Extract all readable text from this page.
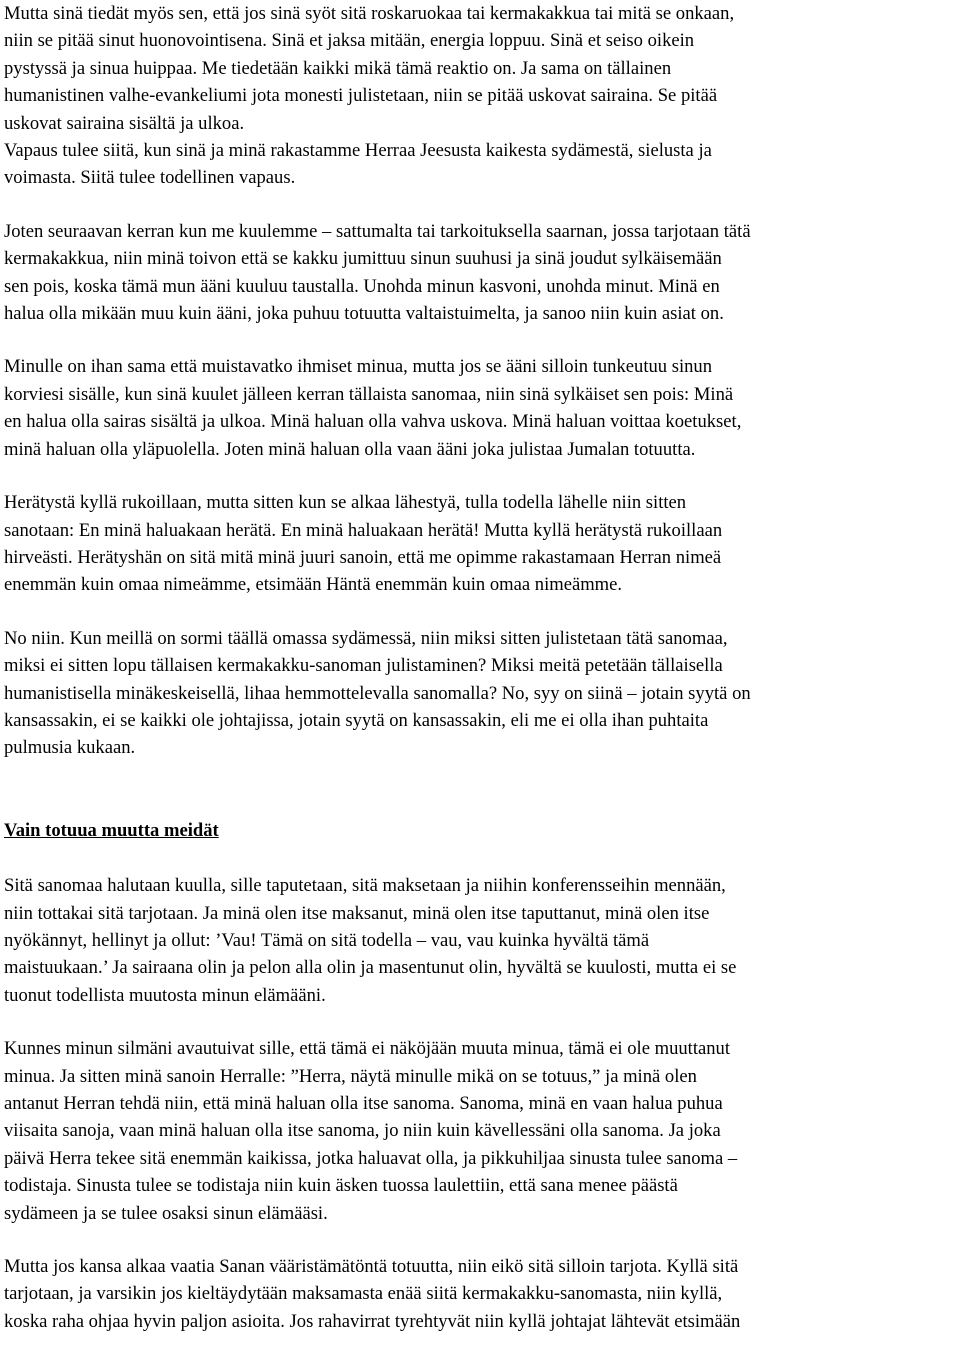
Mutta sinä tiedät myös sen, että jos sinä syöt sitä roskaruokaa tai kermakakkua tai mitä se onkaan,
niin se pitää sinut huonovointisena. Sinä et jaksa mitään, energia loppuu. Sinä et seiso oikein
pystyssä ja sinua huippaa. Me tiedetään kaikki mikä tämä reaktio on. Ja sama on tällainen
humanistinen valhe-evankeliumi jota monesti julistetaan, niin se pitää uskovat sairaina. Se pitää
uskovat sairaina sisältä ja ulkoa.
Vapaus tulee siitä, kun sinä ja minä rakastamme Herraa Jeesusta kaikesta sydämestä, sielusta ja
voimasta. Siitä tulee todellinen vapaus.
Joten seuraavan kerran kun me kuulemme – sattumalta tai tarkoituksella saarnan, jossa tarjotaan tätä
kermakakkua, niin minä toivon että se kakku jumittuu sinun suuhusi ja sinä joudut sylkäisemään
sen pois, koska tämä mun ääni kuuluu taustalla. Unohda minun kasvoni, unohda minut. Minä en
halua olla mikään muu kuin ääni, joka puhuu totuutta valtaistuimelta, ja sanoo niin kuin asiat on.
Minulle on ihan sama että muistavatko ihmiset minua, mutta jos se ääni silloin tunkeutuu sinun
korviesi sisälle, kun sinä kuulet jälleen kerran tällaista sanomaa, niin sinä sylkäiset sen pois: Minä
en halua olla sairas sisältä ja ulkoa. Minä haluan olla vahva uskova. Minä haluan voittaa koetukset,
minä haluan olla yläpuolella. Joten minä haluan olla vaan ääni joka julistaa Jumalan totuutta.
Herätystä kyllä rukoillaan, mutta sitten kun se alkaa lähestyä, tulla todella lähelle niin sitten
sanotaan: En minä haluakaan herätä. En minä haluakaan herätä! Mutta kyllä herätystä rukoillaan
hirveästi. Herätyshän on sitä mitä minä juuri sanoin, että me opimme rakastamaan Herran nimeä
enemmän kuin omaa nimeämme, etsimään Häntä enemmän kuin omaa nimeämme.
No niin. Kun meillä on sormi täällä omassa sydämessä, niin miksi sitten julistetaan tätä sanomaa,
miksi ei sitten lopu tällaisen kermakakku-sanoman julistaminen? Miksi meitä petetään tällaisella
humanistisella minäkeskeisellä, lihaa hemmottelevalla sanomalla? No, syy on siinä – jotain syytä on
kansassakin, ei se kaikki ole johtajissa, jotain syytä on kansassakin, eli me ei olla ihan puhtaita
pulmusia kukaan.
Vain totuua muutta meidät
Sitä sanomaa halutaan kuulla, sille taputetaan, sitä maksetaan ja niihin konferensseihin mennään,
niin tottakai sitä tarjotaan. Ja minä olen itse maksanut, minä olen itse taputtanut, minä olen itse
nyökännyt, hellinyt ja ollut: ’Vau! Tämä on sitä todella – vau, vau kuinka hyvältä tämä
maistuukaan.’ Ja sairaana olin ja pelon alla olin ja masentunut olin, hyvältä se kuulosti, mutta ei se
tuonut todellista muutosta minun elämääni.
Kunnes minun silmäni avautuivat sille, että tämä ei näköjään muuta minua, tämä ei ole muuttanut
minua. Ja sitten minä sanoin Herralle: ”Herra, näytä minulle mikä on se totuus,” ja minä olen
antanut Herran tehdä niin, että minä haluan olla itse sanoma. Sanoma, minä en vaan halua puhua
viisaita sanoja, vaan minä haluan olla itse sanoma, jo niin kuin kävellessäni olla sanoma. Ja joka
päivä Herra tekee sitä enemmän kaikissa, jotka haluavat olla, ja pikkuhiljaa sinusta tulee sanoma –
todistaja. Sinusta tulee se todistaja niin kuin äsken tuossa laulettiin, että sana menee päästä
sydämeen ja se tulee osaksi sinun elämääsi.
Mutta jos kansa alkaa vaatia Sanan vääristämätöntä totuutta, niin eikö sitä silloin tarjota. Kyllä sitä
tarjotaan, ja varsikin jos kieltäydytään maksamasta enää siitä kermakakku-sanomasta, niin kyllä,
koska raha ohjaa hyvin paljon asioita. Jos rahavirrat tyrehtyvät niin kyllä johtajat lähtevät etsimään
